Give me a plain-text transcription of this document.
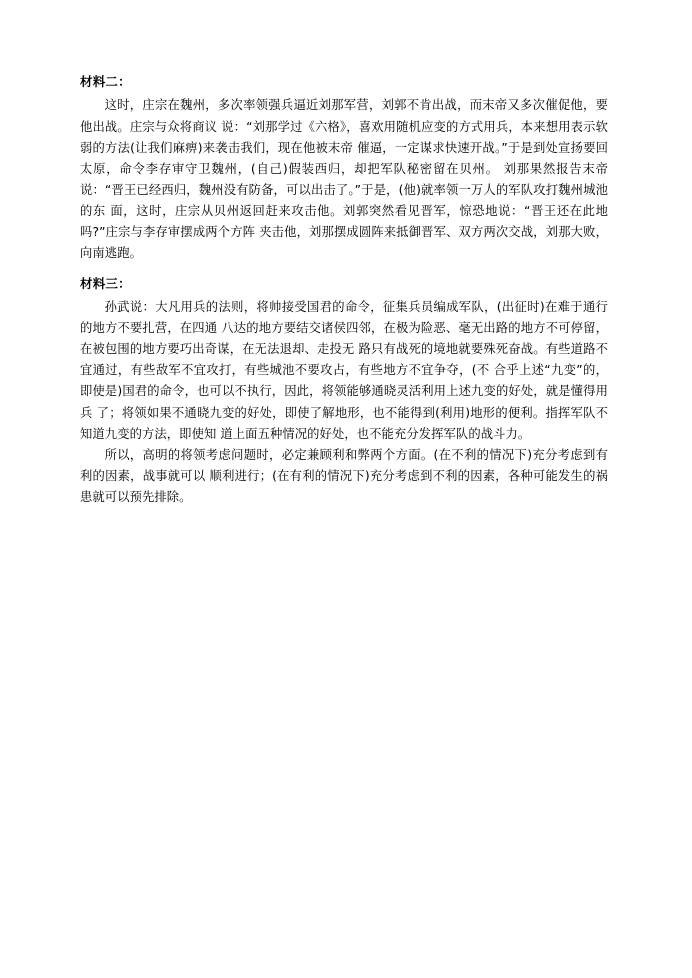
材料二：

这时，庄宗在魏州，多次率领强兵逼近刘那军营，刘郭不肯出战，而末帝又多次催促他，要他出战。庄宗与众将商议 说：“刘那学过《六格》，喜欢用随机应变的方式用兵，本来想用表示软弱的方法(让我们麻痹)来袭击我们，现在他被末帝 催逼，一定谋求快速开战。”于是到处宣扬要回太原，命令李存审守卫魏州，(自己)假装西归，却把军队秘密留在贝州。 刘那果然报告末帝说：“晋王已经西归，魏州没有防备，可以出击了。”于是，(他)就率领一万人的军队攻打魏州城池的东 面，这时，庄宗从贝州返回赶来攻击他。刘郭突然看见晋军，惊恐地说：“晋王还在此地吗?”庄宗与李存审摆成两个方阵 夹击他，刘那摆成圆阵来抵御晋军、双方两次交战，刘那大败，向南逃跑。

材料三：

孙武说：大凡用兵的法则，将帅接受国君的命令，征集兵员编成军队，(出征时)在难于通行的地方不要扎营，在四通 八达的地方要结交诸侯四邻，在极为险恶、毫无出路的地方不可停留，在被包围的地方要巧出奇谋，在无法退却、走投无 路只有战死的境地就要殊死奋战。有些道路不宜通过，有些敌军不宜攻打，有些城池不要攻占，有些地方不宜争夺，(不 合乎上述“九变”的，即使是)国君的命令，也可以不执行，因此，将领能够通晓灵活利用上述九变的好处，就是懂得用兵 了；将领如果不通晓九变的好处，即使了解地形，也不能得到(利用)地形的便利。指挥军队不知道九变的方法，即使知 道上面五种情况的好处，也不能充分发挥军队的战斗力。

所以，高明的将领考虑问题时，必定兼顾利和弊两个方面。(在不利的情况下)充分考虑到有利的因素，战事就可以 顺利进行；(在有利的情况下)充分考虑到不利的因素，各种可能发生的祸患就可以预先排除。
